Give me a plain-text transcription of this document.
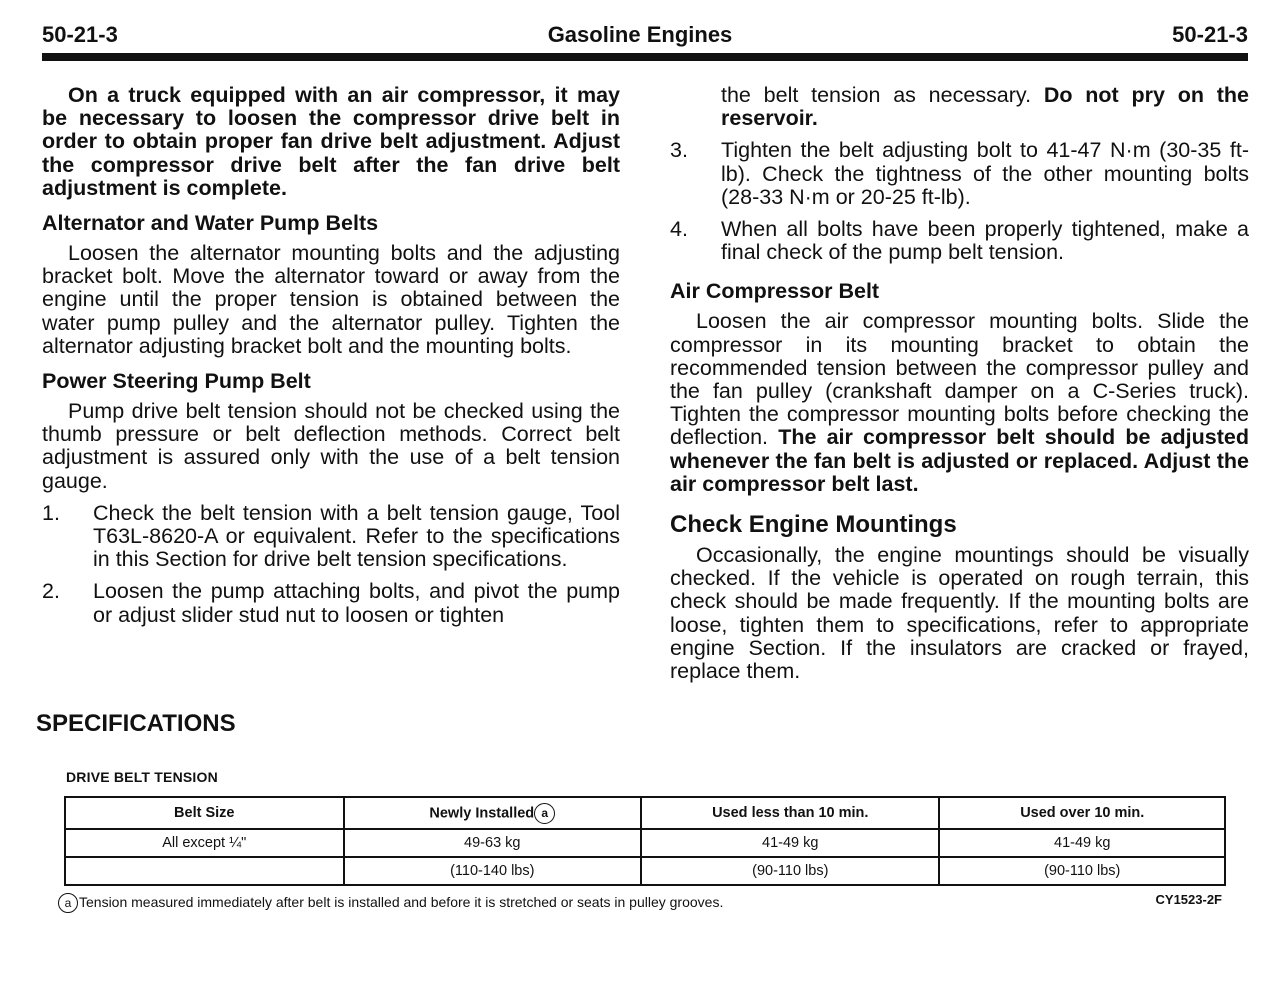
50-21-3	Gasoline Engines	50-21-3

On a truck equipped with an air compressor, it may be necessary to loosen the compressor drive belt in order to obtain proper fan drive belt adjustment. Adjust the compressor drive belt after the fan drive belt adjustment is complete.

Alternator and Water Pump Belts

Loosen the alternator mounting bolts and the adjusting bracket bolt. Move the alternator toward or away from the engine until the proper tension is obtained between the water pump pulley and the alternator pulley. Tighten the alternator adjusting bracket bolt and the mounting bolts.

Power Steering Pump Belt

Pump drive belt tension should not be checked using the thumb pressure or belt deflection methods. Correct belt adjustment is assured only with the use of a belt tension gauge.

1. Check the belt tension with a belt tension gauge, Tool T63L-8620-A or equivalent. Refer to the specifications in this Section for drive belt tension specifications.
2. Loosen the pump attaching bolts, and pivot the pump or adjust slider stud nut to loosen or tighten
the belt tension as necessary. Do not pry on the reservoir.
3. Tighten the belt adjusting bolt to 41-47 N·m (30-35 ft-lb). Check the tightness of the other mounting bolts (28-33 N·m or 20-25 ft-lb).
4. When all bolts have been properly tightened, make a final check of the pump belt tension.
Air Compressor Belt

Loosen the air compressor mounting bolts. Slide the compressor in its mounting bracket to obtain the recommended tension between the compressor pulley and the fan pulley (crankshaft damper on a C-Series truck). Tighten the compressor mounting bolts before checking the deflection. The air compressor belt should be adjusted whenever the fan belt is adjusted or replaced. Adjust the air compressor belt last.

Check Engine Mountings

Occasionally, the engine mountings should be visually checked. If the vehicle is operated on rough terrain, this check should be made frequently. If the mounting bolts are loose, tighten them to specifications, refer to appropriate engine Section. If the insulators are cracked or frayed, replace them.

SPECIFICATIONS
DRIVE BELT TENSION
Belt Size	Newly Installed a	Used less than 10 min.	Used over 10 min.
All except ¼"	49-63 kg	41-49 kg	41-49 kg
	(110-140 lbs)	(90-110 lbs)	(90-110 lbs)
a Tension measured immediately after belt is installed and before it is stretched or seats in pulley grooves.	CY1523-2F
